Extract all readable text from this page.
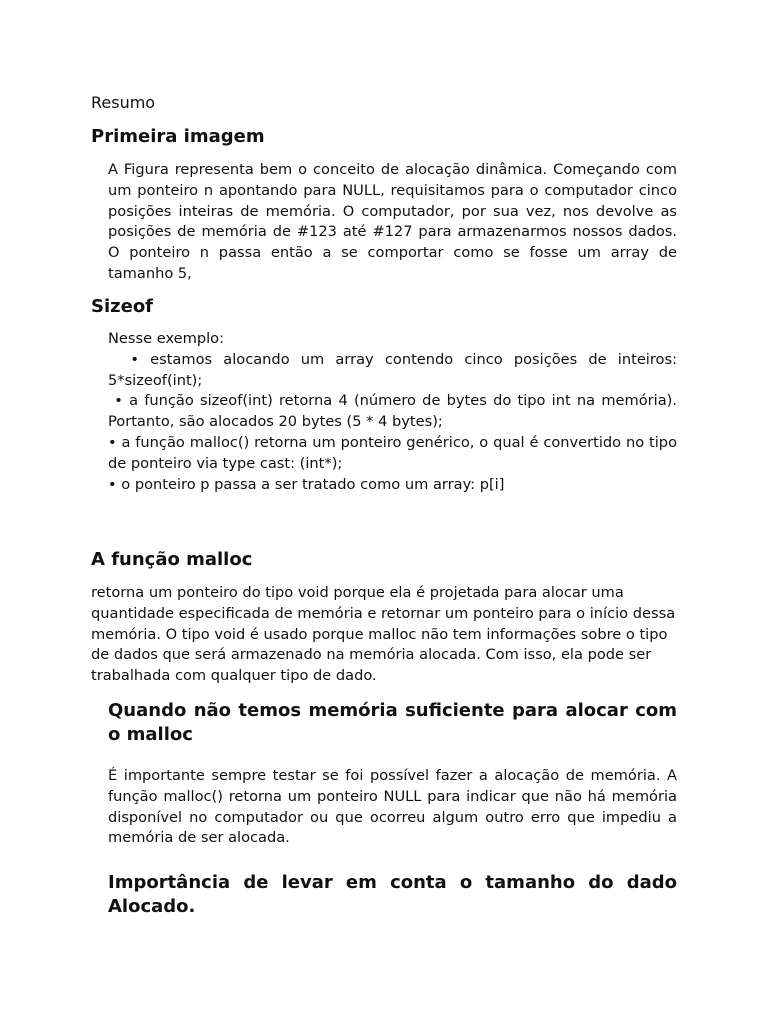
Resumo
Primeira imagem

A Figura representa bem o conceito de alocação dinâmica. Começando com um ponteiro n apontando para NULL, requisitamos para o computador cinco posições inteiras de memória. O computador, por sua vez, nos devolve as posições de memória de #123 até #127 para armazenarmos nossos dados. O ponteiro n passa então a se comportar como se fosse um array de tamanho 5,

Sizeof
Nesse exemplo:
• estamos alocando um array contendo cinco posições de inteiros: 5*sizeof(int);
• a função sizeof(int) retorna 4 (número de bytes do tipo int na memória). Portanto, são alocados 20 bytes (5 * 4 bytes);
• a função malloc() retorna um ponteiro genérico, o qual é convertido no tipo de ponteiro via type cast: (int*);
• o ponteiro p passa a ser tratado como um array: p[i]
A função malloc

retorna um ponteiro do tipo void porque ela é projetada para alocar uma quantidade especificada de memória e retornar um ponteiro para o início dessa memória. O tipo void é usado porque malloc não tem informações sobre o tipo de dados que será armazenado na memória alocada. Com isso, ela pode ser trabalhada com qualquer tipo de dado.

Quando não temos memória suficiente para alocar com o malloc

É importante sempre testar se foi possível fazer a alocação de memória. A função malloc() retorna um ponteiro NULL para indicar que não há memória disponível no computador ou que ocorreu algum outro erro que impediu a memória de ser alocada.

Importância de levar em conta o tamanho do dado Alocado.
